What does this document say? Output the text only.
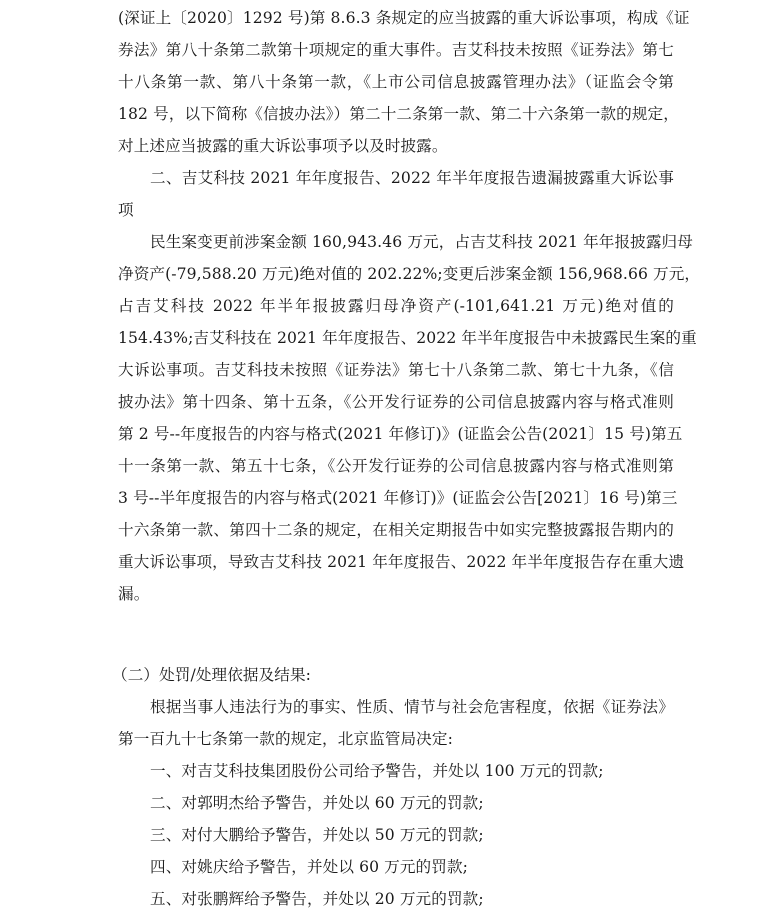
(深证上〔2020〕1292 号)第 8.6.3 条规定的应当披露的重大诉讼事项，构成《证
券法》第八十条第二款第十项规定的重大事件。吉艾科技未按照《证券法》第七
十八条第一款、第八十条第一款，《上市公司信息披露管理办法》（证监会令第
182 号，以下简称《信披办法》）第二十二条第一款、第二十六条第一款的规定，
对上述应当披露的重大诉讼事项予以及时披露。
二、吉艾科技 2021 年年度报告、2022 年半年度报告遗漏披露重大诉讼事
项
民生案变更前涉案金额 160,943.46 万元，占吉艾科技 2021 年年报披露归母
净资产(-79,588.20 万元)绝对值的 202.22%;变更后涉案金额 156,968.66 万元，
占吉艾科技 2022 年半年报披露归母净资产(-101,641.21 万元)绝对值的
154.43%;吉艾科技在 2021 年年度报告、2022 年半年度报告中未披露民生案的重
大诉讼事项。吉艾科技未按照《证券法》第七十八条第二款、第七十九条，《信
披办法》第十四条、第十五条，《公开发行证券的公司信息披露内容与格式准则
第 2 号--年度报告的内容与格式(2021 年修订)》(证监会公告(2021〕15 号)第五
十一条第一款、第五十七条，《公开发行证券的公司信息披露内容与格式准则第
3 号--半年度报告的内容与格式(2021 年修订)》(证监会公告[2021〕16 号)第三
十六条第一款、第四十二条的规定，在相关定期报告中如实完整披露报告期内的
重大诉讼事项，导致吉艾科技 2021 年年度报告、2022 年半年度报告存在重大遗
漏。
（二）处罚/处理依据及结果:
根据当事人违法行为的事实、性质、情节与社会危害程度，依据《证券法》
第一百九十七条第一款的规定，北京监管局决定:
一、对吉艾科技集团股份公司给予警告，并处以 100 万元的罚款;
二、对郭明杰给予警告，并处以 60 万元的罚款;
三、对付大鹏给予警告，并处以 50 万元的罚款;
四、对姚庆给予警告，并处以 60 万元的罚款;
五、对张鹏辉给予警告，并处以 20 万元的罚款;
